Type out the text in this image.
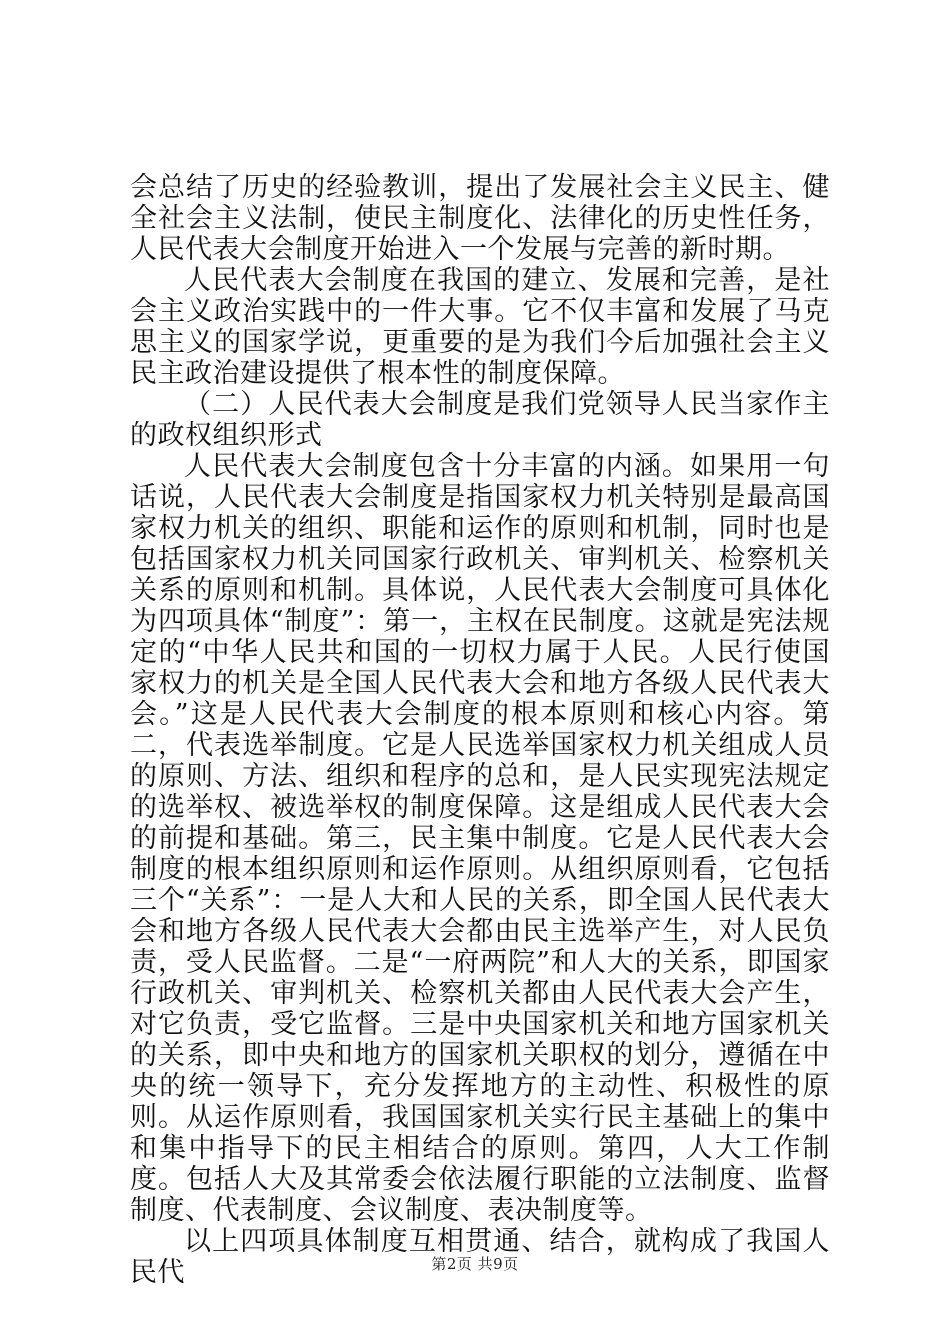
会总结了历史的经验教训，提出了发展社会主义民主、健全社会主义法制，使民主制度化、法律化的历史性任务，人民代表大会制度开始进入一个发展与完善的新时期。

人民代表大会制度在我国的建立、发展和完善，是社会主义政治实践中的一件大事。它不仅丰富和发展了马克思主义的国家学说，更重要的是为我们今后加强社会主义民主政治建设提供了根本性的制度保障。

（二）人民代表大会制度是我们党领导人民当家作主的政权组织形式

人民代表大会制度包含十分丰富的内涵。如果用一句话说，人民代表大会制度是指国家权力机关特别是最高国家权力机关的组织、职能和运作的原则和机制，同时也是包括国家权力机关同国家行政机关、审判机关、检察机关关系的原则和机制。具体说，人民代表大会制度可具体化为四项具体“制度”：第一，主权在民制度。这就是宪法规定的“中华人民共和国的一切权力属于人民。人民行使国家权力的机关是全国人民代表大会和地方各级人民代表大会。”这是人民代表大会制度的根本原则和核心内容。第二，代表选举制度。它是人民选举国家权力机关组成人员的原则、方法、组织和程序的总和，是人民实现宪法规定的选举权、被选举权的制度保障。这是组成人民代表大会的前提和基础。第三，民主集中制度。它是人民代表大会制度的根本组织原则和运作原则。从组织原则看，它包括三个“关系”：一是人大和人民的关系，即全国人民代表大会和地方各级人民代表大会都由民主选举产生，对人民负责，受人民监督。二是“一府两院”和人大的关系，即国家行政机关、审判机关、检察机关都由人民代表大会产生，对它负责，受它监督。三是中央国家机关和地方国家机关的关系，即中央和地方的国家机关职权的划分，遵循在中央的统一领导下，充分发挥地方的主动性、积极性的原则。从运作原则看，我国国家机关实行民主基础上的集中和集中指导下的民主相结合的原则。第四，人大工作制度。包括人大及其常委会依法履行职能的立法制度、监督制度、代表制度、会议制度、表决制度等。

以上四项具体制度互相贯通、结合，就构成了我国人民代	第2页 共9页
